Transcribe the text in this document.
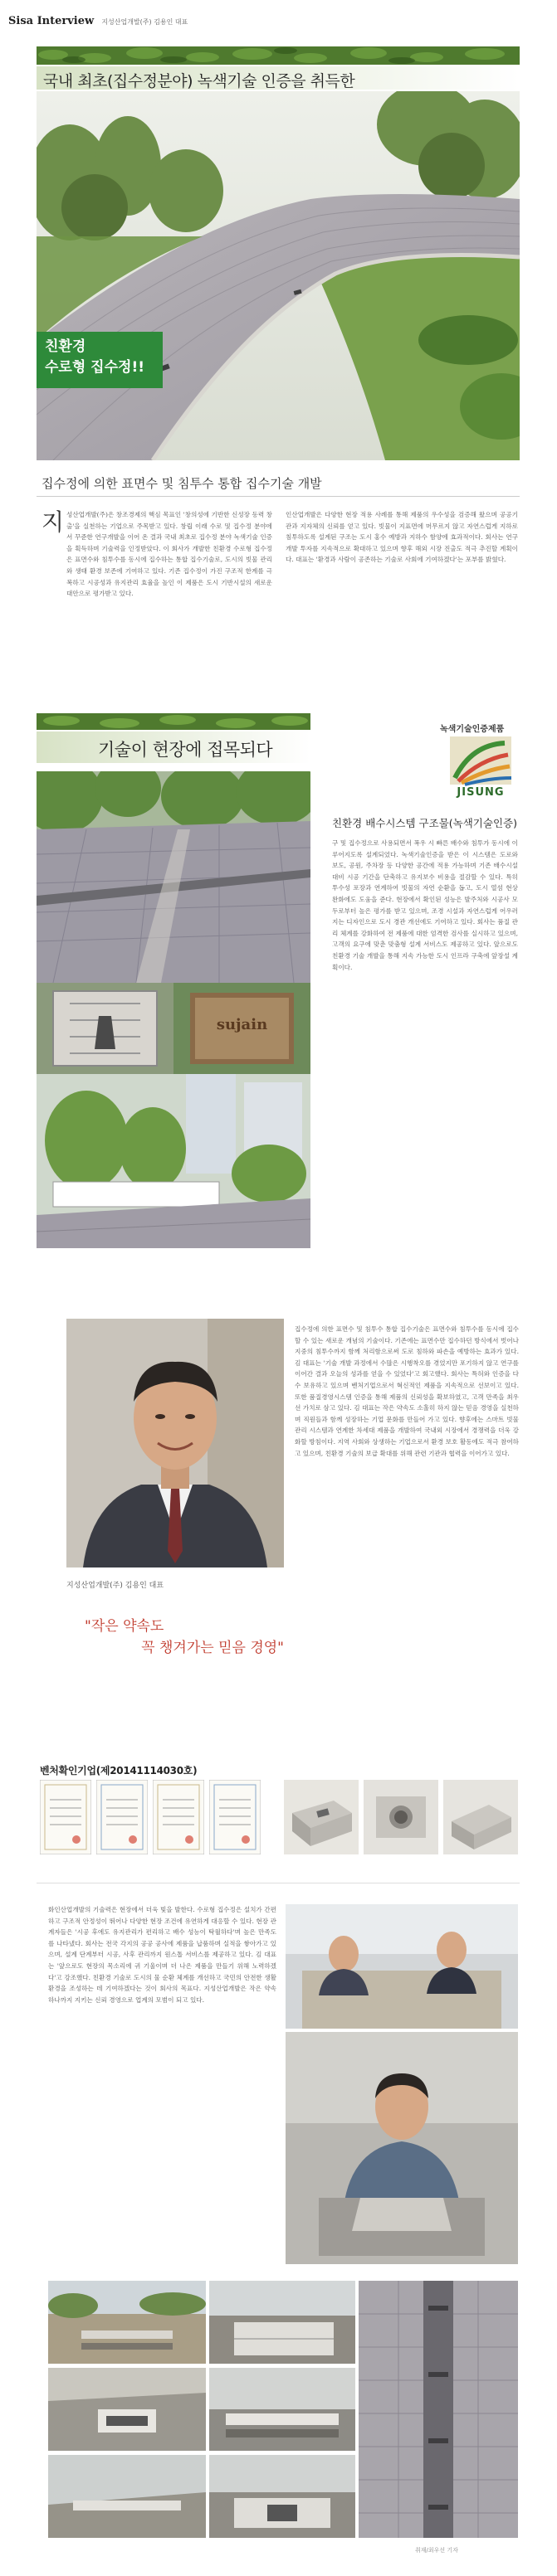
Sisa Interview 지성산업개발(주) 김용인 대표
국내 최초(집수정분야) 녹색기술 인증을 취득한
친환경
수로형 집수정!!
집수정에 의한 표면수 및 침투수 통합 집수기술 개발
지 성산업개발(주)은 창조경제의 핵심 목표인 '창의성에 기반한 신성장 동력 창출'을 실천하는 기업으로 주목받고 있다. 창립 이래 수로 및 집수정 분야에서 꾸준한 연구개발을 이어 온 결과 국내 최초로 집수정 분야 녹색기술 인증을 획득하며 기술력을 인정받았다. 이 회사가 개발한 친환경 수로형 집수정은 표면수와 침투수를 동시에 집수하는 통합 집수기술로, 도시의 빗물 관리와 생태 환경 보존에 기여하고 있다. 기존 집수정이 가진 구조적 한계를 극복하고 시공성과 유지관리 효율을 높인 이 제품은 도시 기반시설의 새로운 대안으로 평가받고 있다.
인산업개발은 다양한 현장 적용 사례를 통해 제품의 우수성을 검증해 왔으며 공공기관과 지자체의 신뢰를 얻고 있다. 빗물이 지표면에 머무르지 않고 자연스럽게 지하로 침투하도록 설계된 구조는 도시 홍수 예방과 지하수 함양에 효과적이다. 회사는 연구개발 투자를 지속적으로 확대하고 있으며 향후 해외 시장 진출도 적극 추진할 계획이다. 대표는 '환경과 사람이 공존하는 기술로 사회에 기여하겠다'는 포부를 밝혔다.
기술이 현장에 접목되다
녹색기술인증제품
JISUNG
친환경 배수시스템 구조물(녹색기술인증)
sujain
구 및 집수정으로 사용되면서 폭우 시 빠른 배수와 침투가 동시에 이루어지도록 설계되었다. 녹색기술인증을 받은 이 시스템은 도로와 보도, 공원, 주차장 등 다양한 공간에 적용 가능하며 기존 배수시설 대비 시공 기간을 단축하고 유지보수 비용을 절감할 수 있다. 특히 투수성 포장과 연계하여 빗물의 자연 순환을 돕고, 도시 열섬 현상 완화에도 도움을 준다. 현장에서 확인된 성능은 발주처와 시공사 모두로부터 높은 평가를 받고 있으며, 조경 시설과 자연스럽게 어우러지는 디자인으로 도시 경관 개선에도 기여하고 있다. 회사는 품질 관리 체계를 강화하여 전 제품에 대한 엄격한 검사를 실시하고 있으며, 고객의 요구에 맞춘 맞춤형 설계 서비스도 제공하고 있다. 앞으로도 친환경 기술 개발을 통해 지속 가능한 도시 인프라 구축에 앞장설 계획이다.
지성산업개발(주) 김용인 대표
"작은 약속도
꼭 챙겨가는 믿음 경영"
집수정에 의한 표면수 및 침투수 통합 집수기술은 표면수와 침투수를 동시에 집수할 수 있는 새로운 개념의 기술이다. 기존에는 표면수만 집수하던 방식에서 벗어나 지중의 침투수까지 함께 처리함으로써 도로 침하와 파손을 예방하는 효과가 있다. 김 대표는 '기술 개발 과정에서 수많은 시행착오를 겪었지만 포기하지 않고 연구를 이어간 결과 오늘의 성과를 얻을 수 있었다'고 회고했다. 회사는 특허와 인증을 다수 보유하고 있으며 벤처기업으로서 혁신적인 제품을 지속적으로 선보이고 있다. 또한 품질경영시스템 인증을 통해 제품의 신뢰성을 확보하였고, 고객 만족을 최우선 가치로 삼고 있다. 김 대표는 작은 약속도 소홀히 하지 않는 믿음 경영을 실천하며 직원들과 함께 성장하는 기업 문화를 만들어 가고 있다. 향후에는 스마트 빗물 관리 시스템과 연계한 차세대 제품을 개발하여 국내외 시장에서 경쟁력을 더욱 강화할 방침이다. 지역 사회와 상생하는 기업으로서 환경 보호 활동에도 적극 참여하고 있으며, 친환경 기술의 보급 확대를 위해 관련 기관과 협력을 이어가고 있다.
벤처확인기업(제20141114030호)
화인산업개발의 기술력은 현장에서 더욱 빛을 발한다. 수로형 집수정은 설치가 간편하고 구조적 안정성이 뛰어나 다양한 현장 조건에 유연하게 대응할 수 있다. 현장 관계자들은 '시공 후에도 유지관리가 편리하고 배수 성능이 탁월하다'며 높은 만족도를 나타냈다. 회사는 전국 각지의 공공 공사에 제품을 납품하며 실적을 쌓아가고 있으며, 설계 단계부터 시공, 사후 관리까지 원스톱 서비스를 제공하고 있다. 김 대표는 '앞으로도 현장의 목소리에 귀 기울이며 더 나은 제품을 만들기 위해 노력하겠다'고 강조했다. 친환경 기술로 도시의 물 순환 체계를 개선하고 국민의 안전한 생활 환경을 조성하는 데 기여하겠다는 것이 회사의 목표다. 지성산업개발은 작은 약속 하나까지 지키는 신뢰 경영으로 업계의 모범이 되고 있다.
취재/최우선 기자
